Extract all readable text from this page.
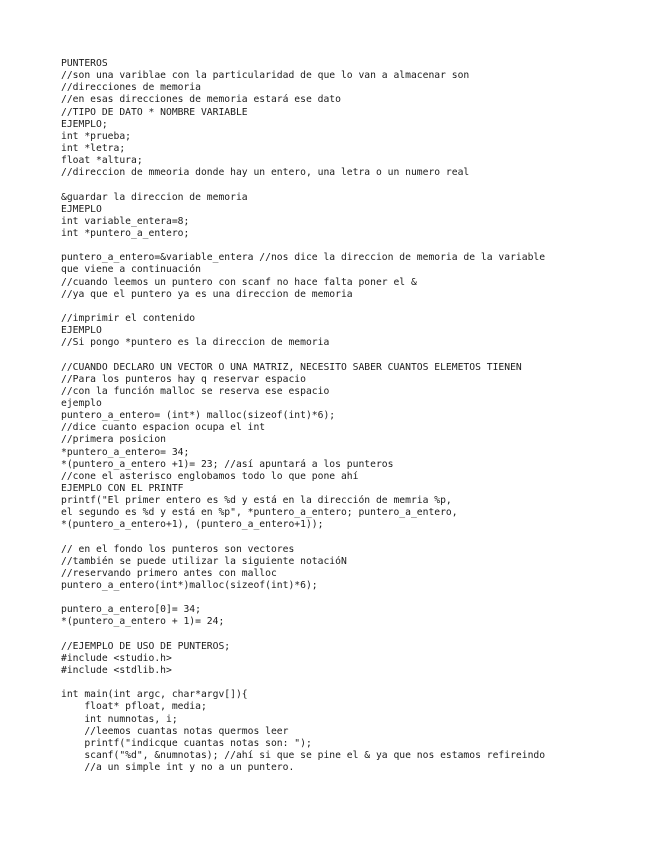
PUNTEROS
//son una variblae con la particularidad de que lo van a almacenar son
//direcciones de memoria
//en esas direcciones de memoria estará ese dato
//TIPO DE DATO * NOMBRE VARIABLE
EJEMPLO;
int *prueba;
int *letra;
float *altura;
//direccion de mmeoria donde hay un entero, una letra o un numero real
&guardar la direccion de memoria
EJMEPLO
int variable_entera=8;
int *puntero_a_entero;
puntero_a_entero=&variable_entera //nos dice la direccion de memoria de la variable
que viene a continuación
//cuando leemos un puntero con scanf no hace falta poner el &
//ya que el puntero ya es una direccion de memoria
//imprimir el contenido
EJEMPLO
//Si pongo *puntero es la direccion de memoria
//CUANDO DECLARO UN VECTOR O UNA MATRIZ, NECESITO SABER CUANTOS ELEMETOS TIENEN
//Para los punteros hay q reservar espacio
//con la función malloc se reserva ese espacio
ejemplo
puntero_a_entero= (int*) malloc(sizeof(int)*6);
//dice cuanto espacion ocupa el int
//primera posicion
*puntero_a_entero= 34;
*(puntero_a_entero +1)= 23; //así apuntará a los punteros
//cone el asterisco englobamos todo lo que pone ahí
EJEMPLO CON EL PRINTF
printf("El primer entero es %d y está en la dirección de memria %p,
el segundo es %d y está en %p", *puntero_a_entero; puntero_a_entero,
*(puntero_a_entero+1), (puntero_a_entero+1));
// en el fondo los punteros son vectores
//también se puede utilizar la siguiente notacióN
//reservando primero antes con malloc
puntero_a_entero(int*)malloc(sizeof(int)*6);
puntero_a_entero[0]= 34;
*(puntero_a_entero + 1)= 24;
//EJEMPLO DE USO DE PUNTEROS;
#include <studio.h>
#include <stdlib.h>
int main(int argc, char*argv[]){
float* pfloat, media;
int numnotas, i;
//leemos cuantas notas quermos leer
printf("indicque cuantas notas son: ");
scanf("%d", &numnotas); //ahí si que se pine el & ya que nos estamos refireindo
//a un simple int y no a un puntero.
